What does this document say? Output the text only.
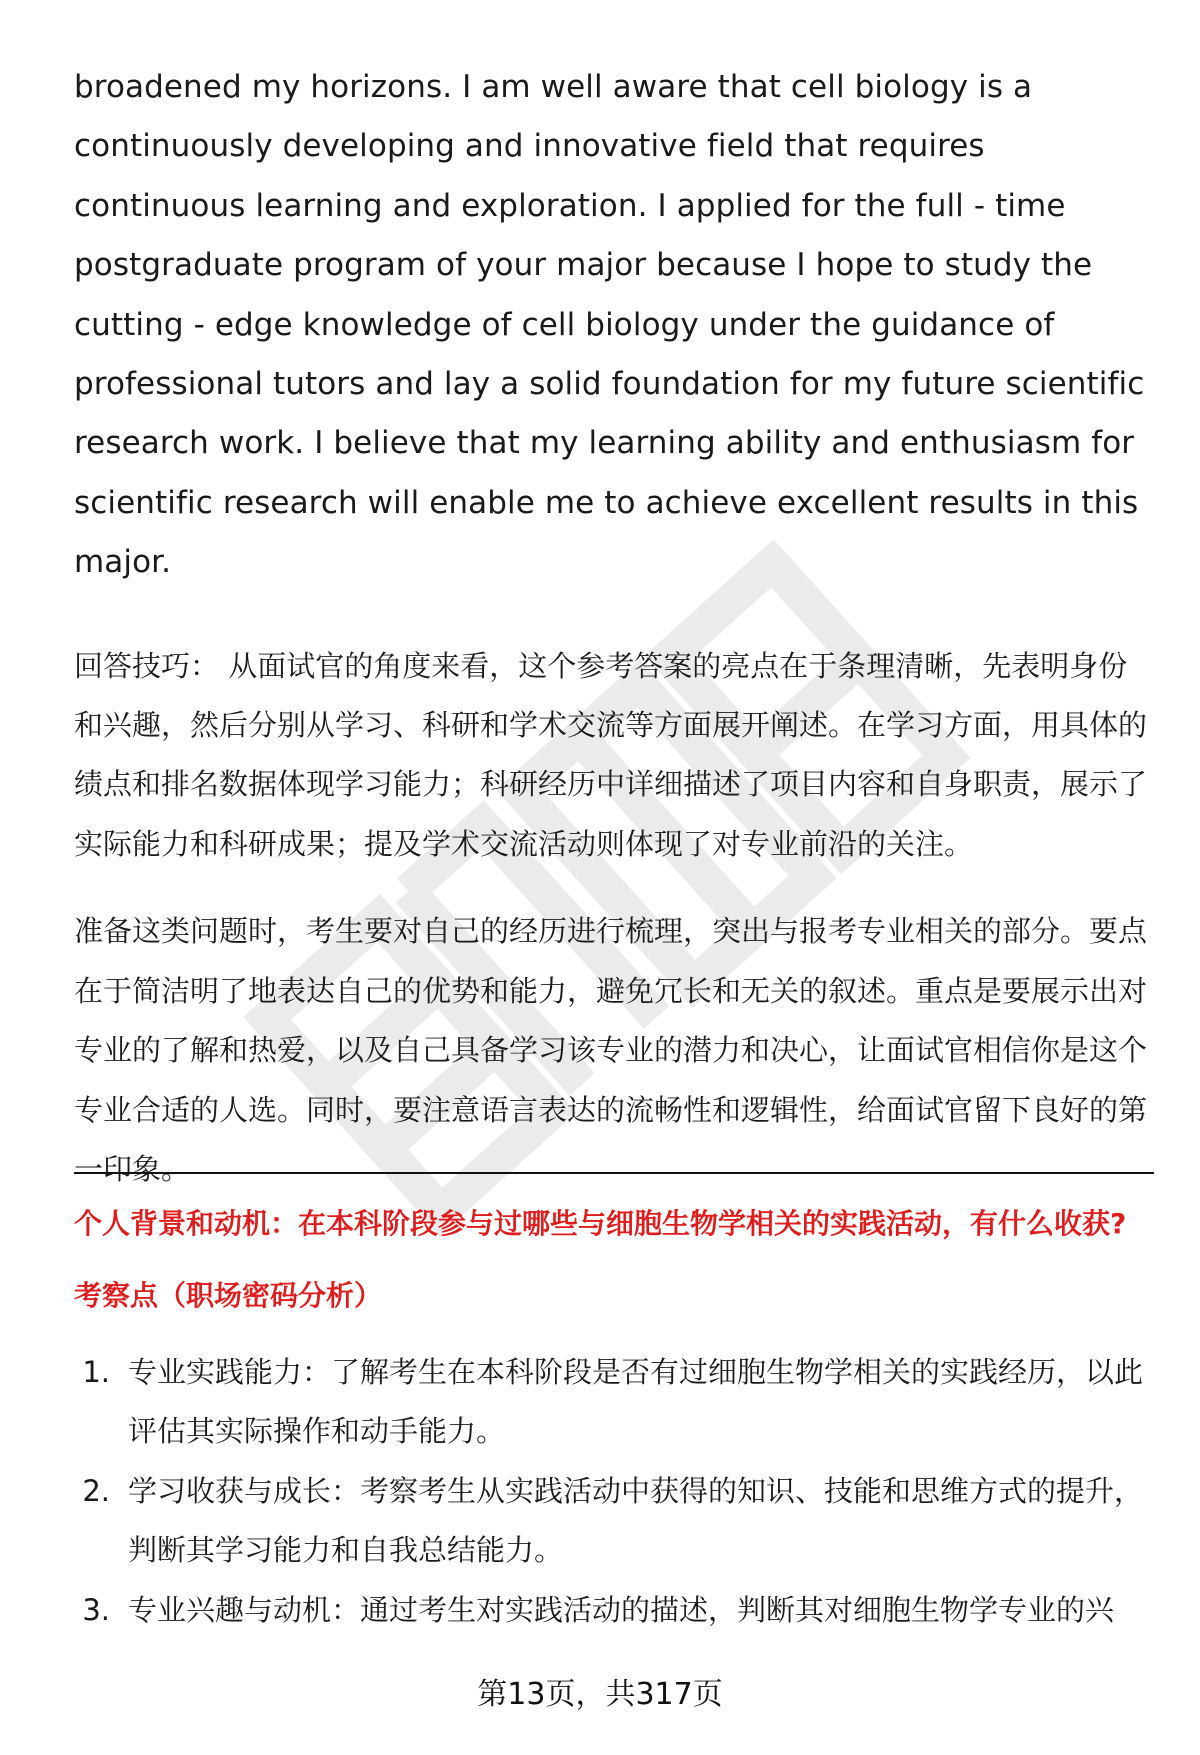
broadened my horizons. I am well aware that cell biology is a continuously developing and innovative field that requires continuous learning and exploration. I applied for the full - time postgraduate program of your major because I hope to study the cutting - edge knowledge of cell biology under the guidance of professional tutors and lay a solid foundation for my future scientific research work. I believe that my learning ability and enthusiasm for scientific research will enable me to achieve excellent results in this major.

回答技巧： 从面试官的角度来看，这个参考答案的亮点在于条理清晰，先表明身份和兴趣，然后分别从学习、科研和学术交流等方面展开阐述。在学习方面，用具体的绩点和排名数据体现学习能力；科研经历中详细描述了项目内容和自身职责，展示了实际能力和科研成果；提及学术交流活动则体现了对专业前沿的关注。

准备这类问题时，考生要对自己的经历进行梳理，突出与报考专业相关的部分。要点在于简洁明了地表达自己的优势和能力，避免冗长和无关的叙述。重点是要展示出对专业的了解和热爱，以及自己具备学习该专业的潜力和决心，让面试官相信你是这个专业合适的人选。同时，要注意语言表达的流畅性和逻辑性，给面试官留下良好的第一印象。

个人背景和动机：在本科阶段参与过哪些与细胞生物学相关的实践活动，有什么收获?

考察点（职场密码分析）

1. 专业实践能力：了解考生在本科阶段是否有过细胞生物学相关的实践经历，以此评估其实际操作和动手能力。
2. 学习收获与成长：考察考生从实践活动中获得的知识、技能和思维方式的提升，判断其学习能力和自我总结能力。
3. 专业兴趣与动机：通过考生对实践活动的描述，判断其对细胞生物学专业的兴
第13页，共317页
